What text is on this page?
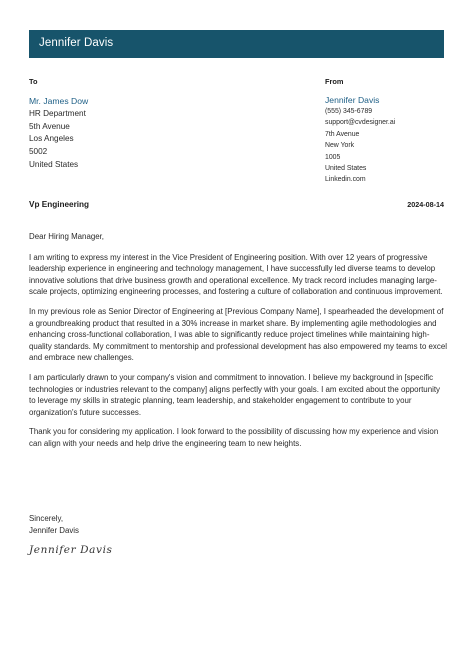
Jennifer Davis
To	From
Mr. James Dow
HR Department
5th Avenue
Los Angeles
5002
United States
Jennifer Davis
(555) 345-6789
support@cvdesigner.ai
7th Avenue
New York
1005
United States
Linkedin.com
Vp Engineering	2024-08-14

Dear Hiring Manager,

I am writing to express my interest in the Vice President of Engineering position. With over 12 years of progressive leadership experience in engineering and technology management, I have successfully led diverse teams to develop innovative solutions that drive business growth and operational excellence. My track record includes managing large-scale projects, optimizing engineering processes, and fostering a culture of collaboration and continuous improvement.

In my previous role as Senior Director of Engineering at [Previous Company Name], I spearheaded the development of a groundbreaking product that resulted in a 30% increase in market share. By implementing agile methodologies and enhancing cross-functional collaboration, I was able to significantly reduce project timelines while maintaining high-quality standards. My commitment to mentorship and professional development has also empowered my teams to excel and embrace new challenges.

I am particularly drawn to your company's vision and commitment to innovation. I believe my background in [specific technologies or industries relevant to the company] aligns perfectly with your goals. I am excited about the opportunity to leverage my skills in strategic planning, team leadership, and stakeholder engagement to contribute to your organization's future successes.

Thank you for considering my application. I look forward to the possibility of discussing how my experience and vision can align with your needs and help drive the engineering team to new heights.

Sincerely,
Jennifer Davis
Jennifer Davis
